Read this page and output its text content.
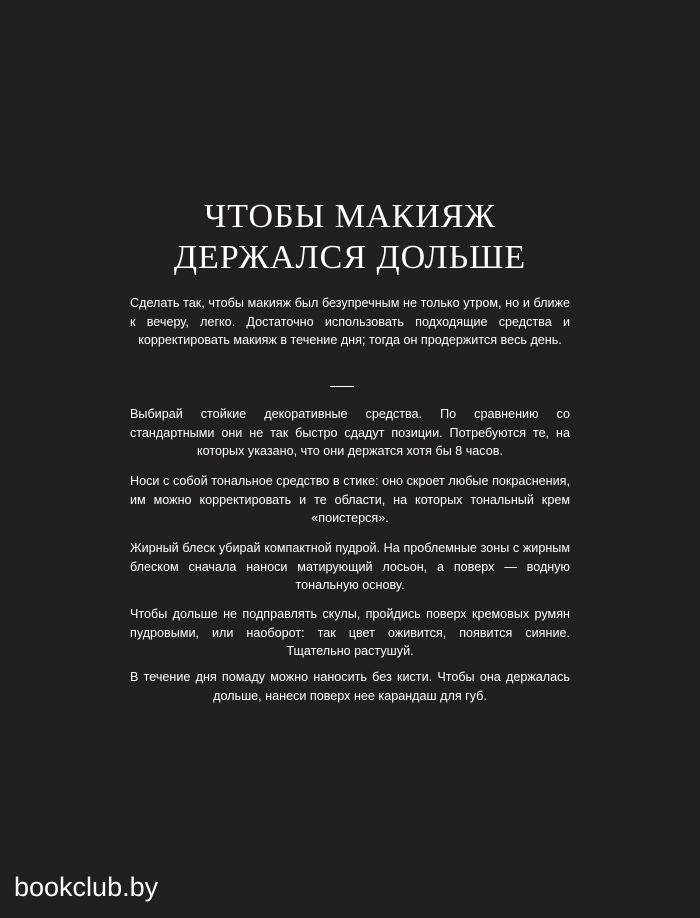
ЧТОБЫ МАКИЯЖ
ДЕРЖАЛСЯ ДОЛЬШЕ

Сделать так, чтобы макияж был безупречным не только утром, но и ближе к вечеру, легко. Достаточно использовать подходящие средства и корректировать макияж в течение дня; тогда он продержится весь день.

Выбирай стойкие декоративные средства. По сравнению со стандартными они не так быстро сдадут позиции. Потребуются те, на которых указано, что они держатся хотя бы 8 часов.

Носи с собой тональное средство в стике: оно скроет любые покраснения, им можно корректировать и те области, на которых тональный крем «поистерся».

Жирный блеск убирай компактной пудрой. На проблемные зоны с жирным блеском сначала наноси матирующий лосьон, а поверх — водную тональную основу.

Чтобы дольше не подправлять скулы, пройдись поверх кремовых румян пудровыми, или наоборот: так цвет оживится, появится сияние. Тщательно растушуй.

В течение дня помаду можно наносить без кисти. Чтобы она держалась дольше, нанеси поверх нее карандаш для губ.

bookclub.by
